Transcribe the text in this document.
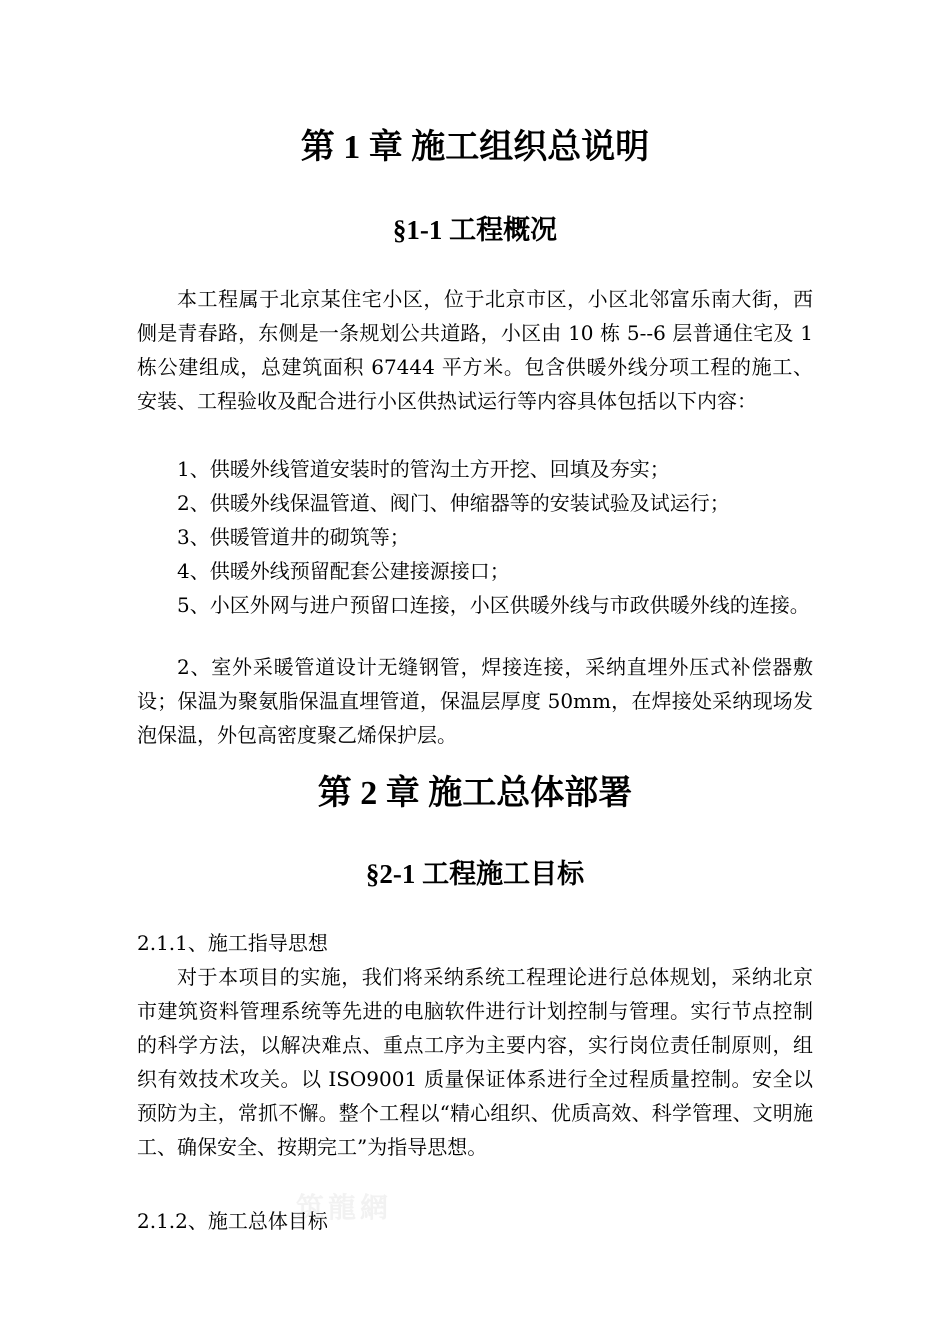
第 1 章 施工组织总说明
§1-1 工程概况

本工程属于北京某住宅小区，位于北京市区，小区北邻富乐南大街，西侧是青春路，东侧是一条规划公共道路，小区由 10 栋 5--6 层普通住宅及 1 栋公建组成，总建筑面积 67444 平方米。包含供暖外线分项工程的施工、安装、工程验收及配合进行小区供热试运行等内容具体包括以下内容：

1、供暖外线管道安装时的管沟土方开挖、回填及夯实；

2、供暖外线保温管道、阀门、伸缩器等的安装试验及试运行；

3、供暖管道井的砌筑等；

4、供暖外线预留配套公建接源接口；

5、小区外网与进户预留口连接，小区供暖外线与市政供暖外线的连接。

2、室外采暖管道设计无缝钢管，焊接连接，采纳直埋外压式补偿器敷设；保温为聚氨脂保温直埋管道，保温层厚度 50mm，在焊接处采纳现场发泡保温，外包高密度聚乙烯保护层。

第 2 章 施工总体部署
§2-1 工程施工目标

2.1.1、施工指导思想

对于本项目的实施，我们将采纳系统工程理论进行总体规划，采纳北京市建筑资料管理系统等先进的电脑软件进行计划控制与管理。实行节点控制的科学方法，以解决难点、重点工序为主要内容，实行岗位责任制原则，组织有效技术攻关。以 ISO9001 质量保证体系进行全过程质量控制。安全以预防为主，常抓不懈。整个工程以“精心组织、优质高效、科学管理、文明施工、确保安全、按期完工”为指导思想。

筑龍網

2.1.2、施工总体目标
